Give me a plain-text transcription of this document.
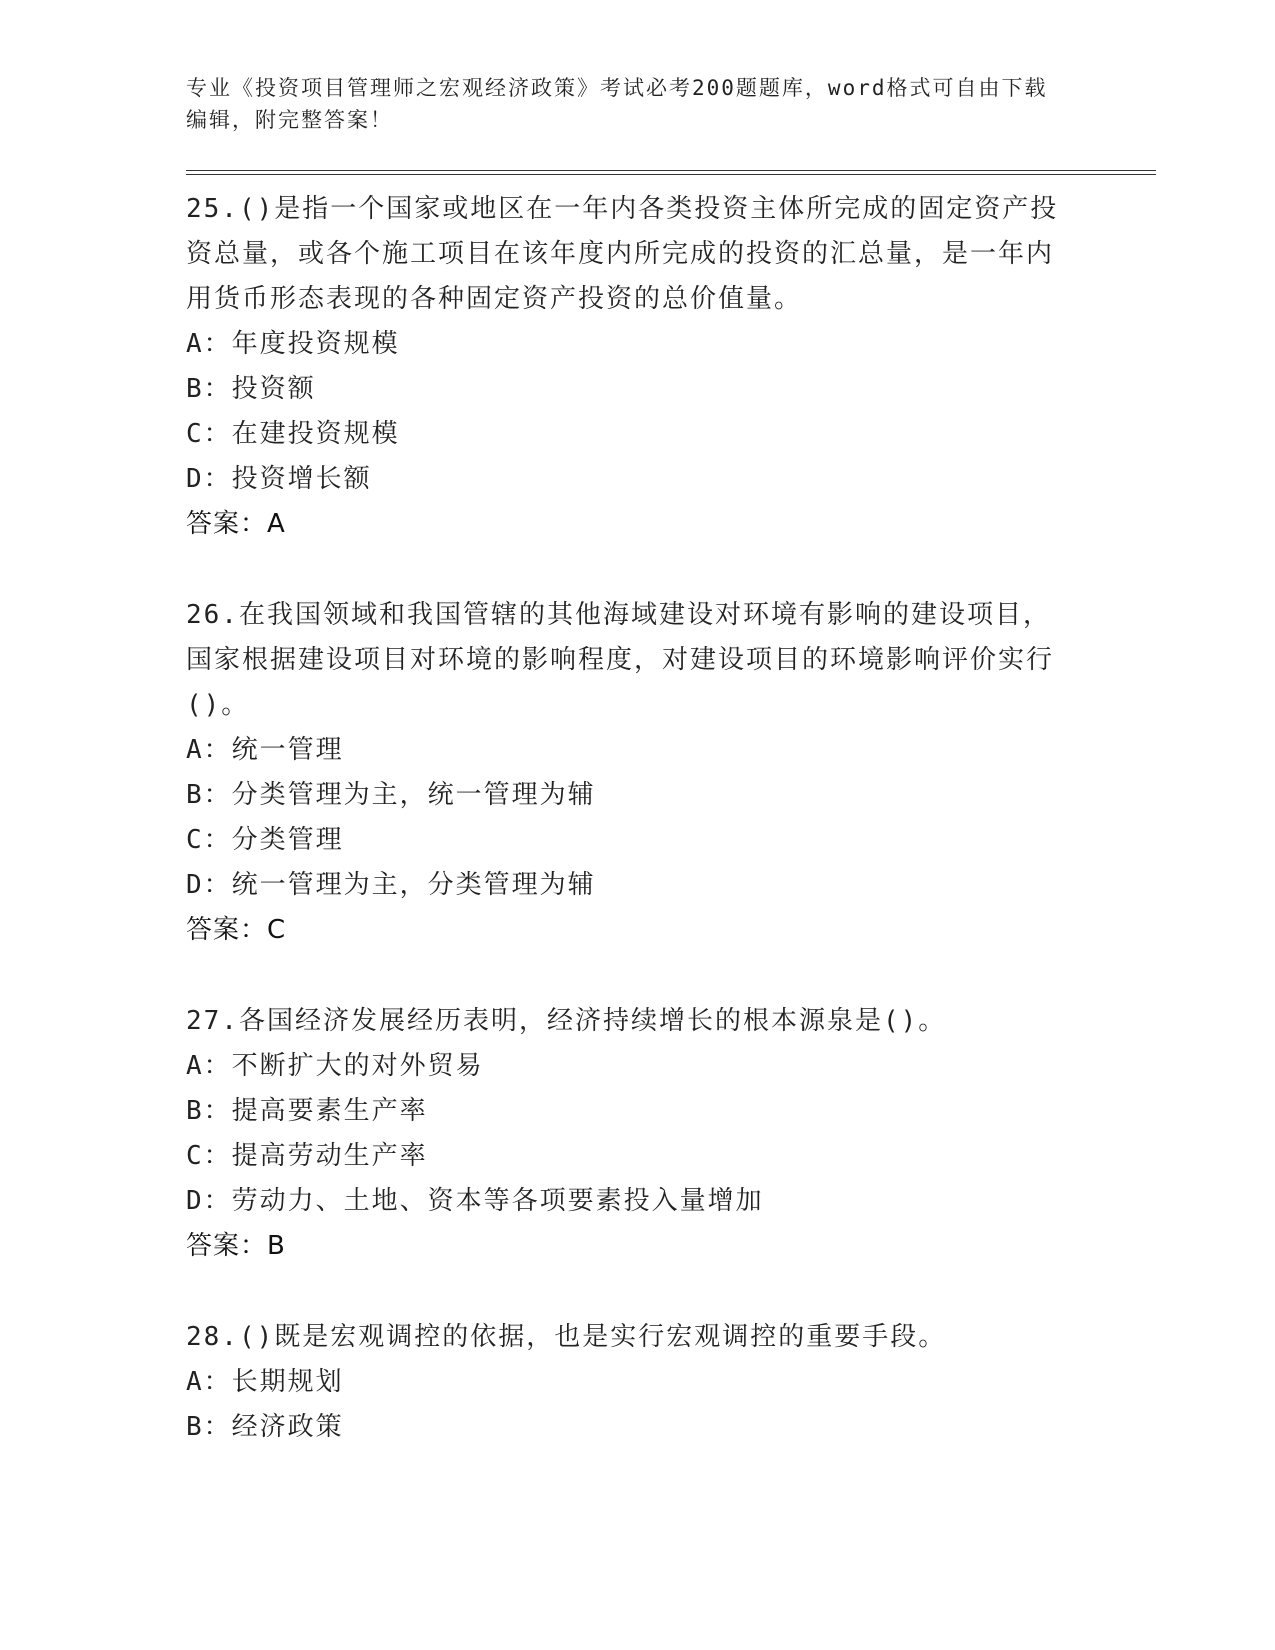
专业《投资项目管理师之宏观经济政策》考试必考200题题库，word格式可自由下载编辑，附完整答案！

25.()是指一个国家或地区在一年内各类投资主体所完成的固定资产投资总量，或各个施工项目在该年度内所完成的投资的汇总量，是一年内用货币形态表现的各种固定资产投资的总价值量。

A：年度投资规模

B：投资额

C：在建投资规模

D：投资增长额

答案：A

26.在我国领域和我国管辖的其他海域建设对环境有影响的建设项目，国家根据建设项目对环境的影响程度，对建设项目的环境影响评价实行()。

A：统一管理

B：分类管理为主，统一管理为辅

C：分类管理

D：统一管理为主，分类管理为辅

答案：C

27.各国经济发展经历表明，经济持续增长的根本源泉是()。

A：不断扩大的对外贸易

B：提高要素生产率

C：提高劳动生产率

D：劳动力、土地、资本等各项要素投入量增加

答案：B

28.()既是宏观调控的依据，也是实行宏观调控的重要手段。

A：长期规划

B：经济政策
